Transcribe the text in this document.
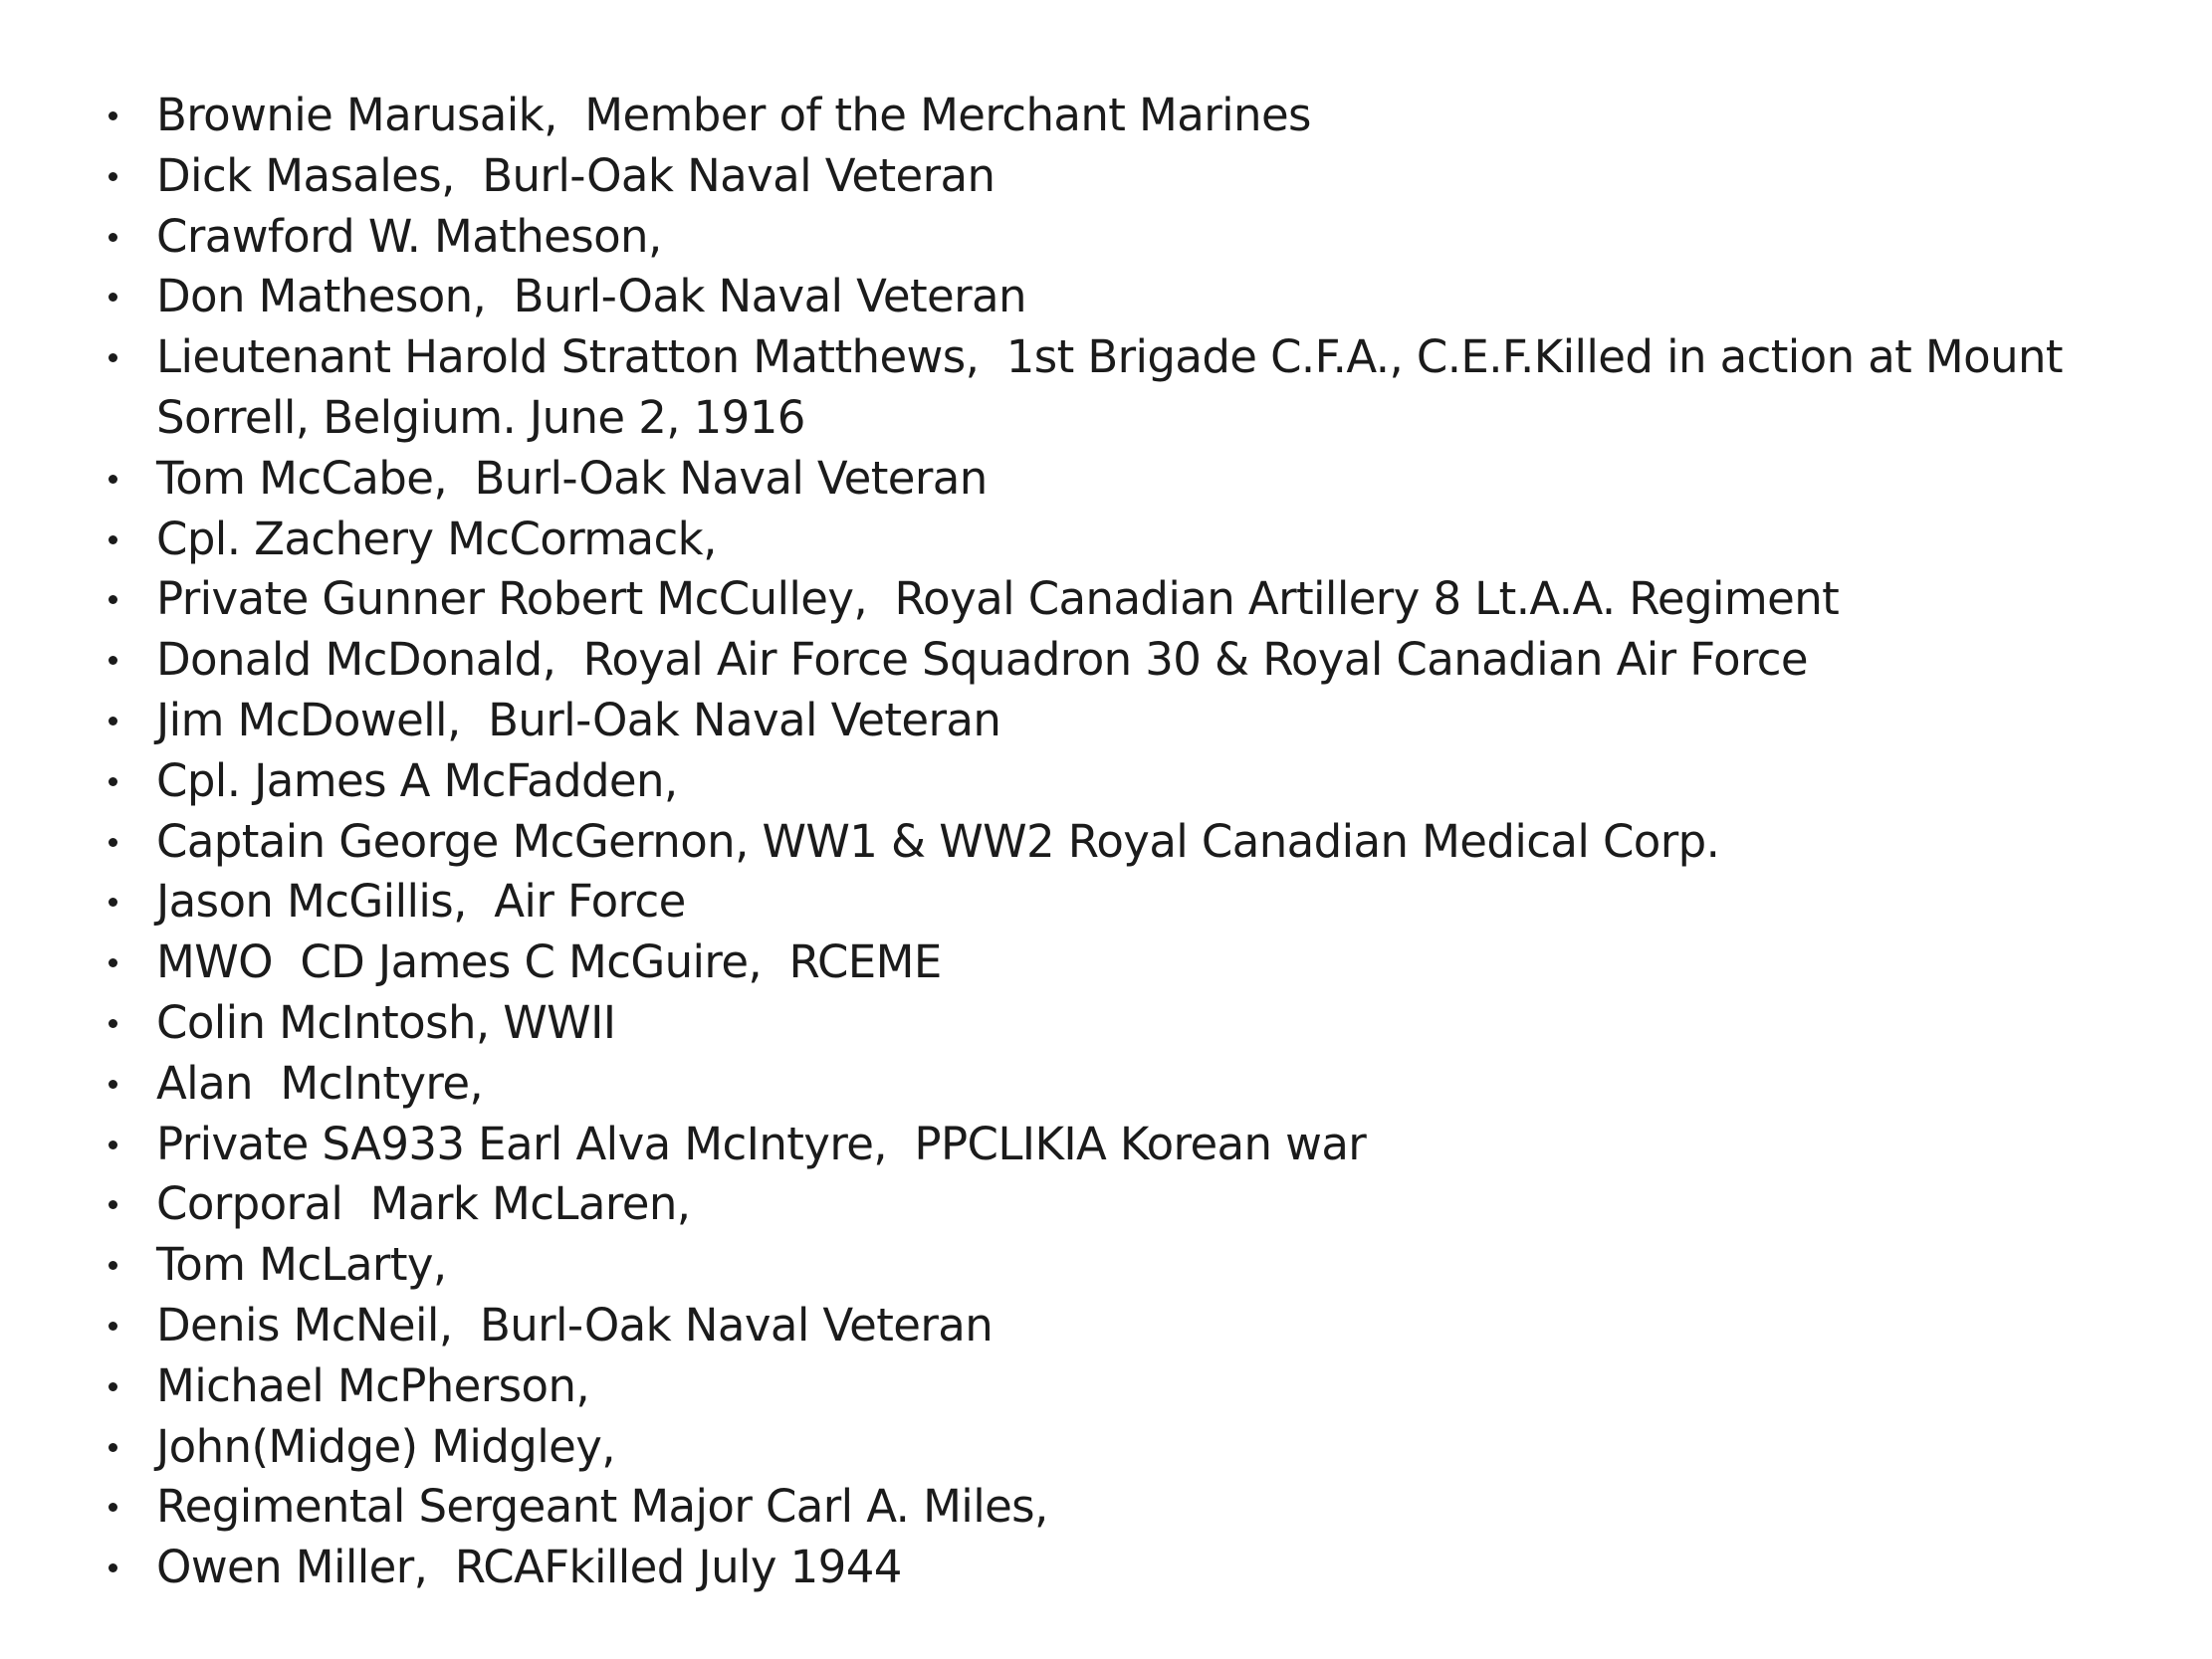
Brownie Marusaik,  Member of the Merchant Marines
Dick Masales,  Burl-Oak Naval Veteran
Crawford W. Matheson,
Don Matheson,  Burl-Oak Naval Veteran
Lieutenant Harold Stratton Matthews,  1st Brigade C.F.A., C.E.F.Killed in action at Mount Sorrell, Belgium. June 2, 1916
Tom McCabe,  Burl-Oak Naval Veteran
Cpl. Zachery McCormack,
Private Gunner Robert McCulley,  Royal Canadian Artillery 8 Lt.A.A. Regiment
Donald McDonald,  Royal Air Force Squadron 30 & Royal Canadian Air Force
Jim McDowell,  Burl-Oak Naval Veteran
Cpl. James A McFadden,
Captain George McGernon, WW1 & WW2 Royal Canadian Medical Corp.
Jason McGillis,  Air Force
MWO  CD James C McGuire,  RCEME
Colin McIntosh, WWII
Alan  McIntyre,
Private SA933 Earl Alva McIntyre,  PPCLIKIA Korean war
Corporal  Mark McLaren,
Tom McLarty,
Denis McNeil,  Burl-Oak Naval Veteran
Michael McPherson,
John(Midge) Midgley,
Regimental Sergeant Major Carl A. Miles,
Owen Miller,  RCAFkilled July 1944
